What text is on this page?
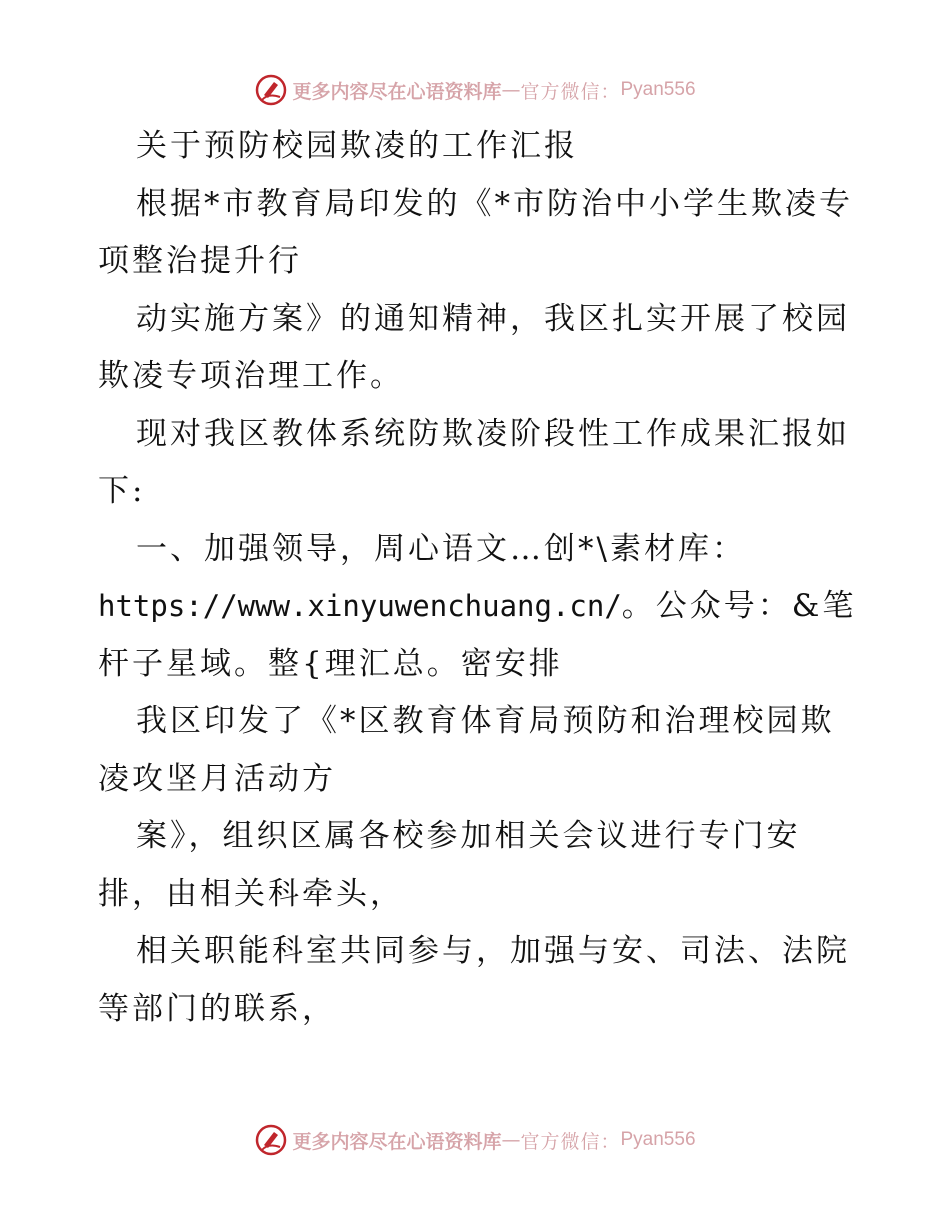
更多内容尽在心语资料库 — 官方微信： Pyan556
关于预防校园欺凌的工作汇报
根据*市教育局印发的《*市防治中小学生欺凌专
项整治提升行
动实施方案》的通知精神，我区扎实开展了校园
欺凌专项治理工作。
现对我区教体系统防欺凌阶段性工作成果汇报如
下:
一、加强领导，周心语文…创*\素材库：
https://www.xinyuwenchuang.cn/。公众号：&笔
杆子星域。整{理汇总。密安排
我区印发了《*区教育体育局预防和治理校园欺
凌攻坚月活动方
案》，组织区属各校参加相关会议进行专门安
排，由相关科牵头，
相关职能科室共同参与，加强与安、司法、法院
等部门的联系，
更多内容尽在心语资料库 — 官方微信： Pyan556
